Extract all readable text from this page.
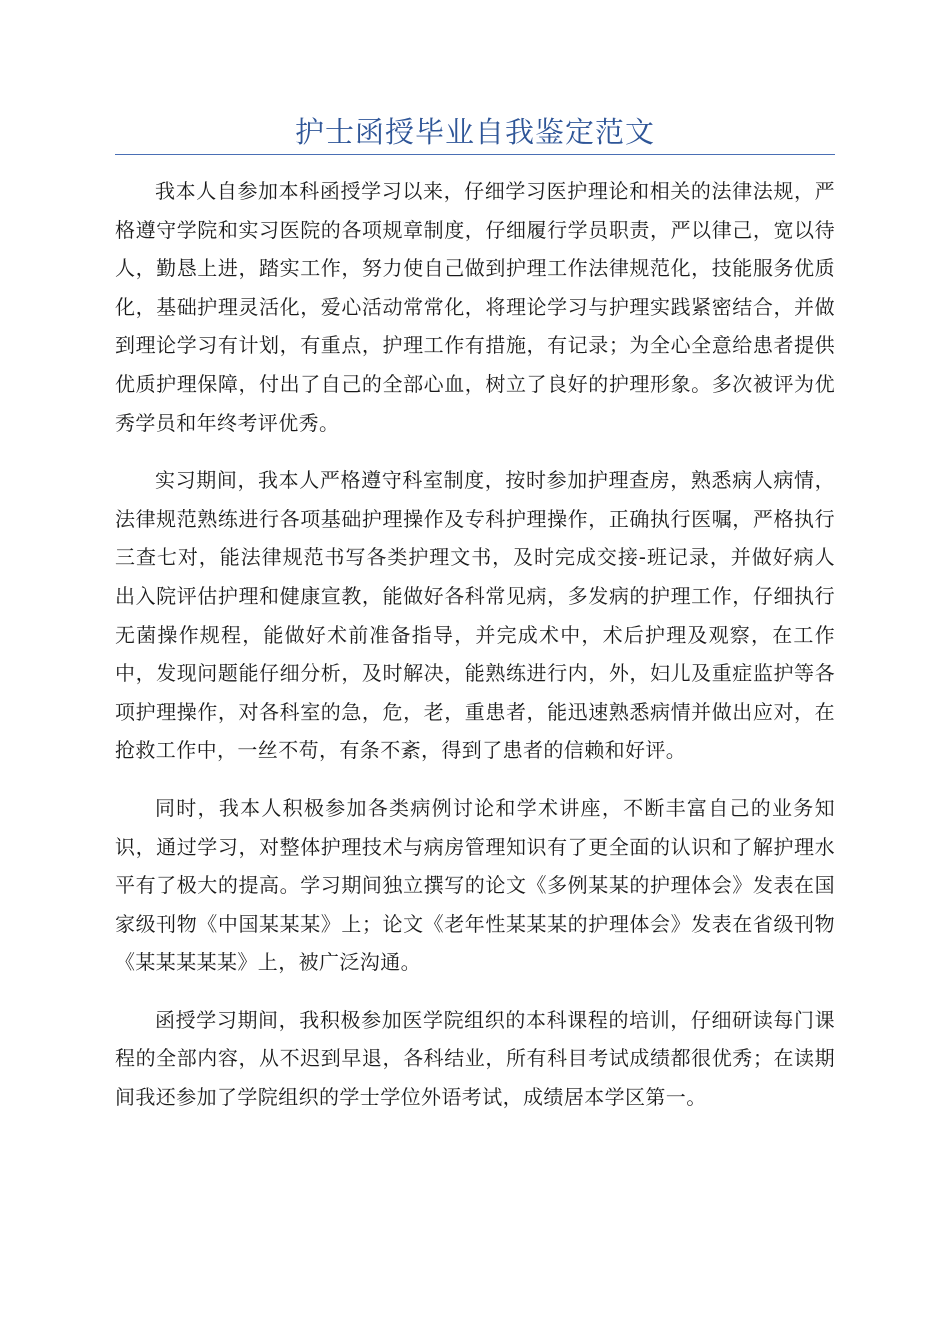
护士函授毕业自我鉴定范文

我本人自参加本科函授学习以来，仔细学习医护理论和相关的法律法规，严格遵守学院和实习医院的各项规章制度，仔细履行学员职责，严以律己，宽以待人，勤恳上进，踏实工作，努力使自己做到护理工作法律规范化，技能服务优质化，基础护理灵活化，爱心活动常常化，将理论学习与护理实践紧密结合，并做到理论学习有计划，有重点，护理工作有措施，有记录；为全心全意给患者提供优质护理保障，付出了自己的全部心血，树立了良好的护理形象。多次被评为优秀学员和年终考评优秀。

实习期间，我本人严格遵守科室制度，按时参加护理查房，熟悉病人病情，法律规范熟练进行各项基础护理操作及专科护理操作，正确执行医嘱，严格执行三查七对，能法律规范书写各类护理文书，及时完成交接-班记录，并做好病人出入院评估护理和健康宣教，能做好各科常见病，多发病的护理工作，仔细执行无菌操作规程，能做好术前准备指导，并完成术中，术后护理及观察，在工作中，发现问题能仔细分析，及时解决，能熟练进行内，外，妇儿及重症监护等各项护理操作，对各科室的急，危，老，重患者，能迅速熟悉病情并做出应对，在抢救工作中，一丝不苟，有条不紊，得到了患者的信赖和好评。

同时，我本人积极参加各类病例讨论和学术讲座，不断丰富自己的业务知识，通过学习，对整体护理技术与病房管理知识有了更全面的认识和了解护理水平有了极大的提高。学习期间独立撰写的论文《多例某某的护理体会》发表在国家级刊物《中国某某某》上；论文《老年性某某某的护理体会》发表在省级刊物《某某某某某》上，被广泛沟通。

函授学习期间，我积极参加医学院组织的本科课程的培训，仔细研读每门课程的全部内容，从不迟到早退，各科结业，所有科目考试成绩都很优秀；在读期间我还参加了学院组织的学士学位外语考试，成绩居本学区第一。
